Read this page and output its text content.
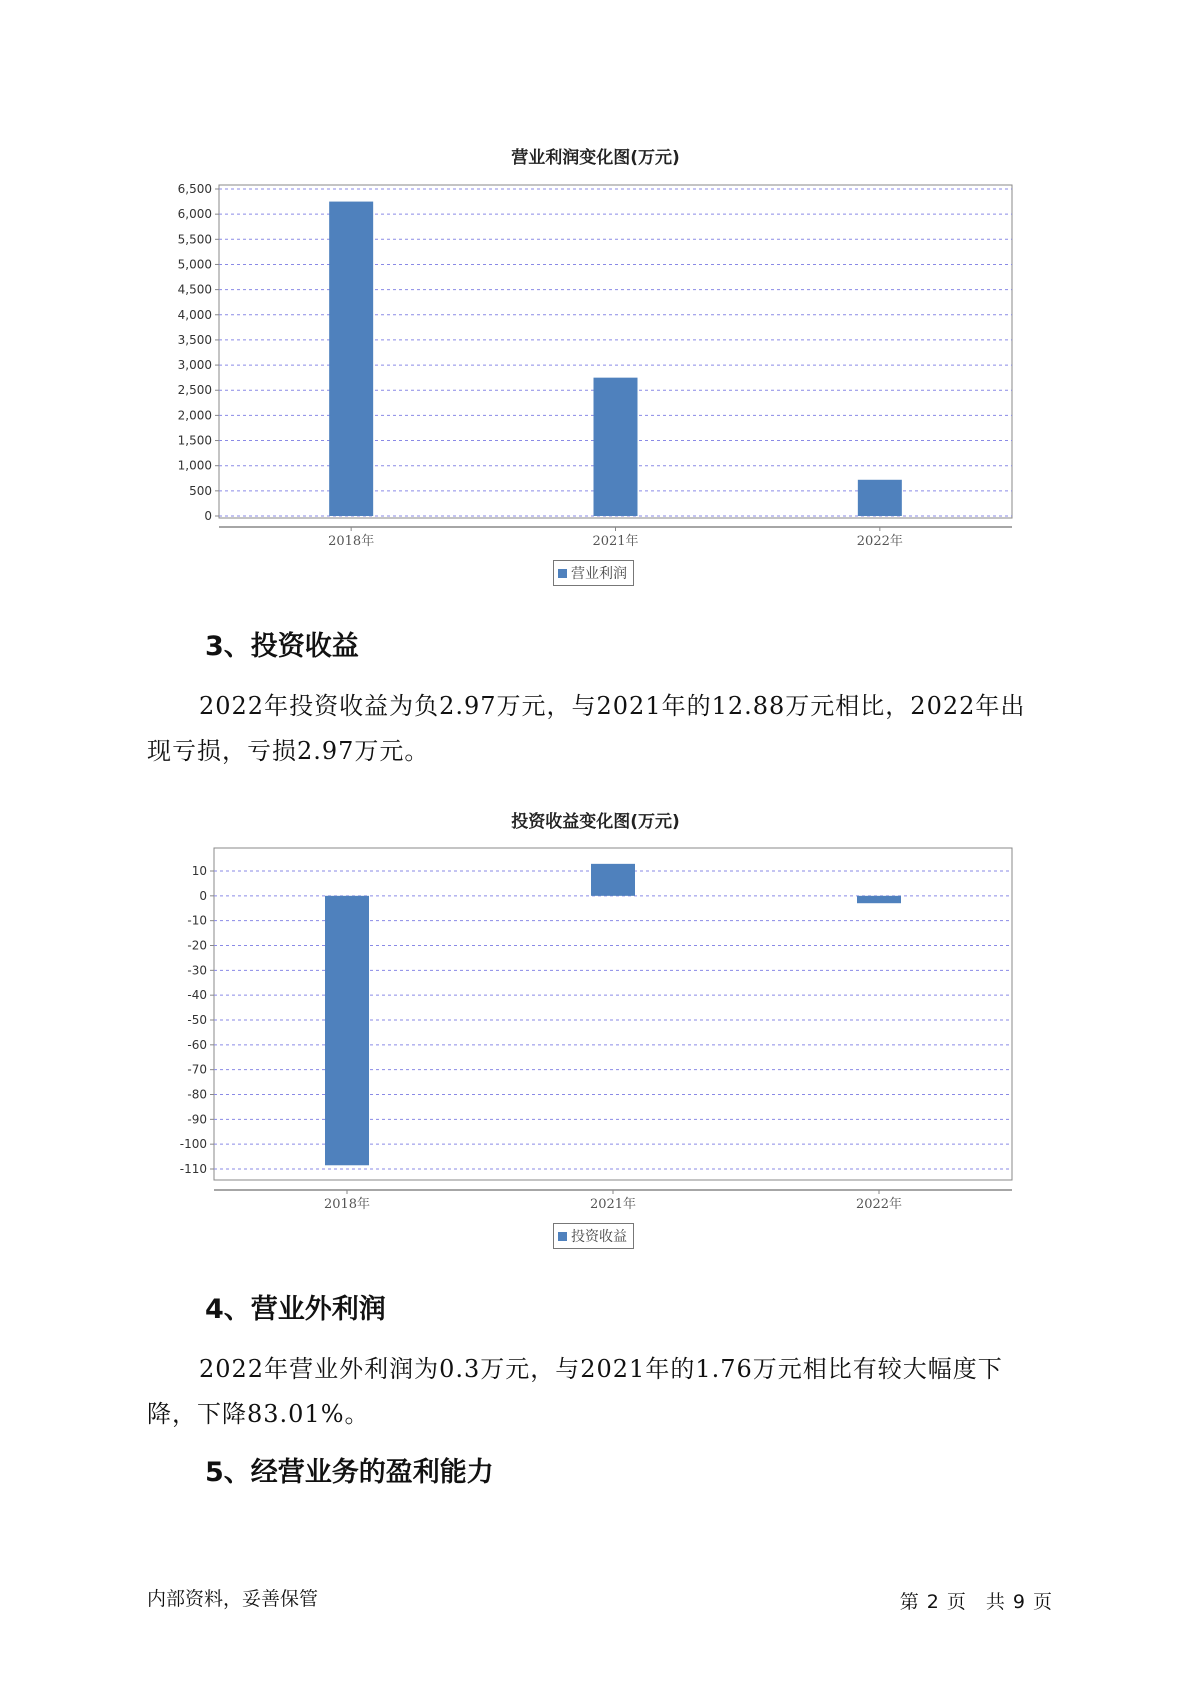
营业利润变化图(万元)
0
500
1,000
1,500
2,000
2,500
3,000
3,500
4,000
4,500
5,000
5,500
6,000
6,500
2018年	2021年	2022年
营业利润
3、投资收益
2022年投资收益为负2.97万元，与2021年的12.88万元相比，2022年出
现亏损，亏损2.97万元。
投资收益变化图(万元)
10
0
-10
-20
-30
-40
-50
-60
-70
-80
-90
-100
-110
2018年	2021年	2022年
投资收益
4、营业外利润
2022年营业外利润为0.3万元，与2021年的1.76万元相比有较大幅度下
降，下降83.01%。
5、经营业务的盈利能力
内部资料，妥善保管	第 2 页 共 9 页
